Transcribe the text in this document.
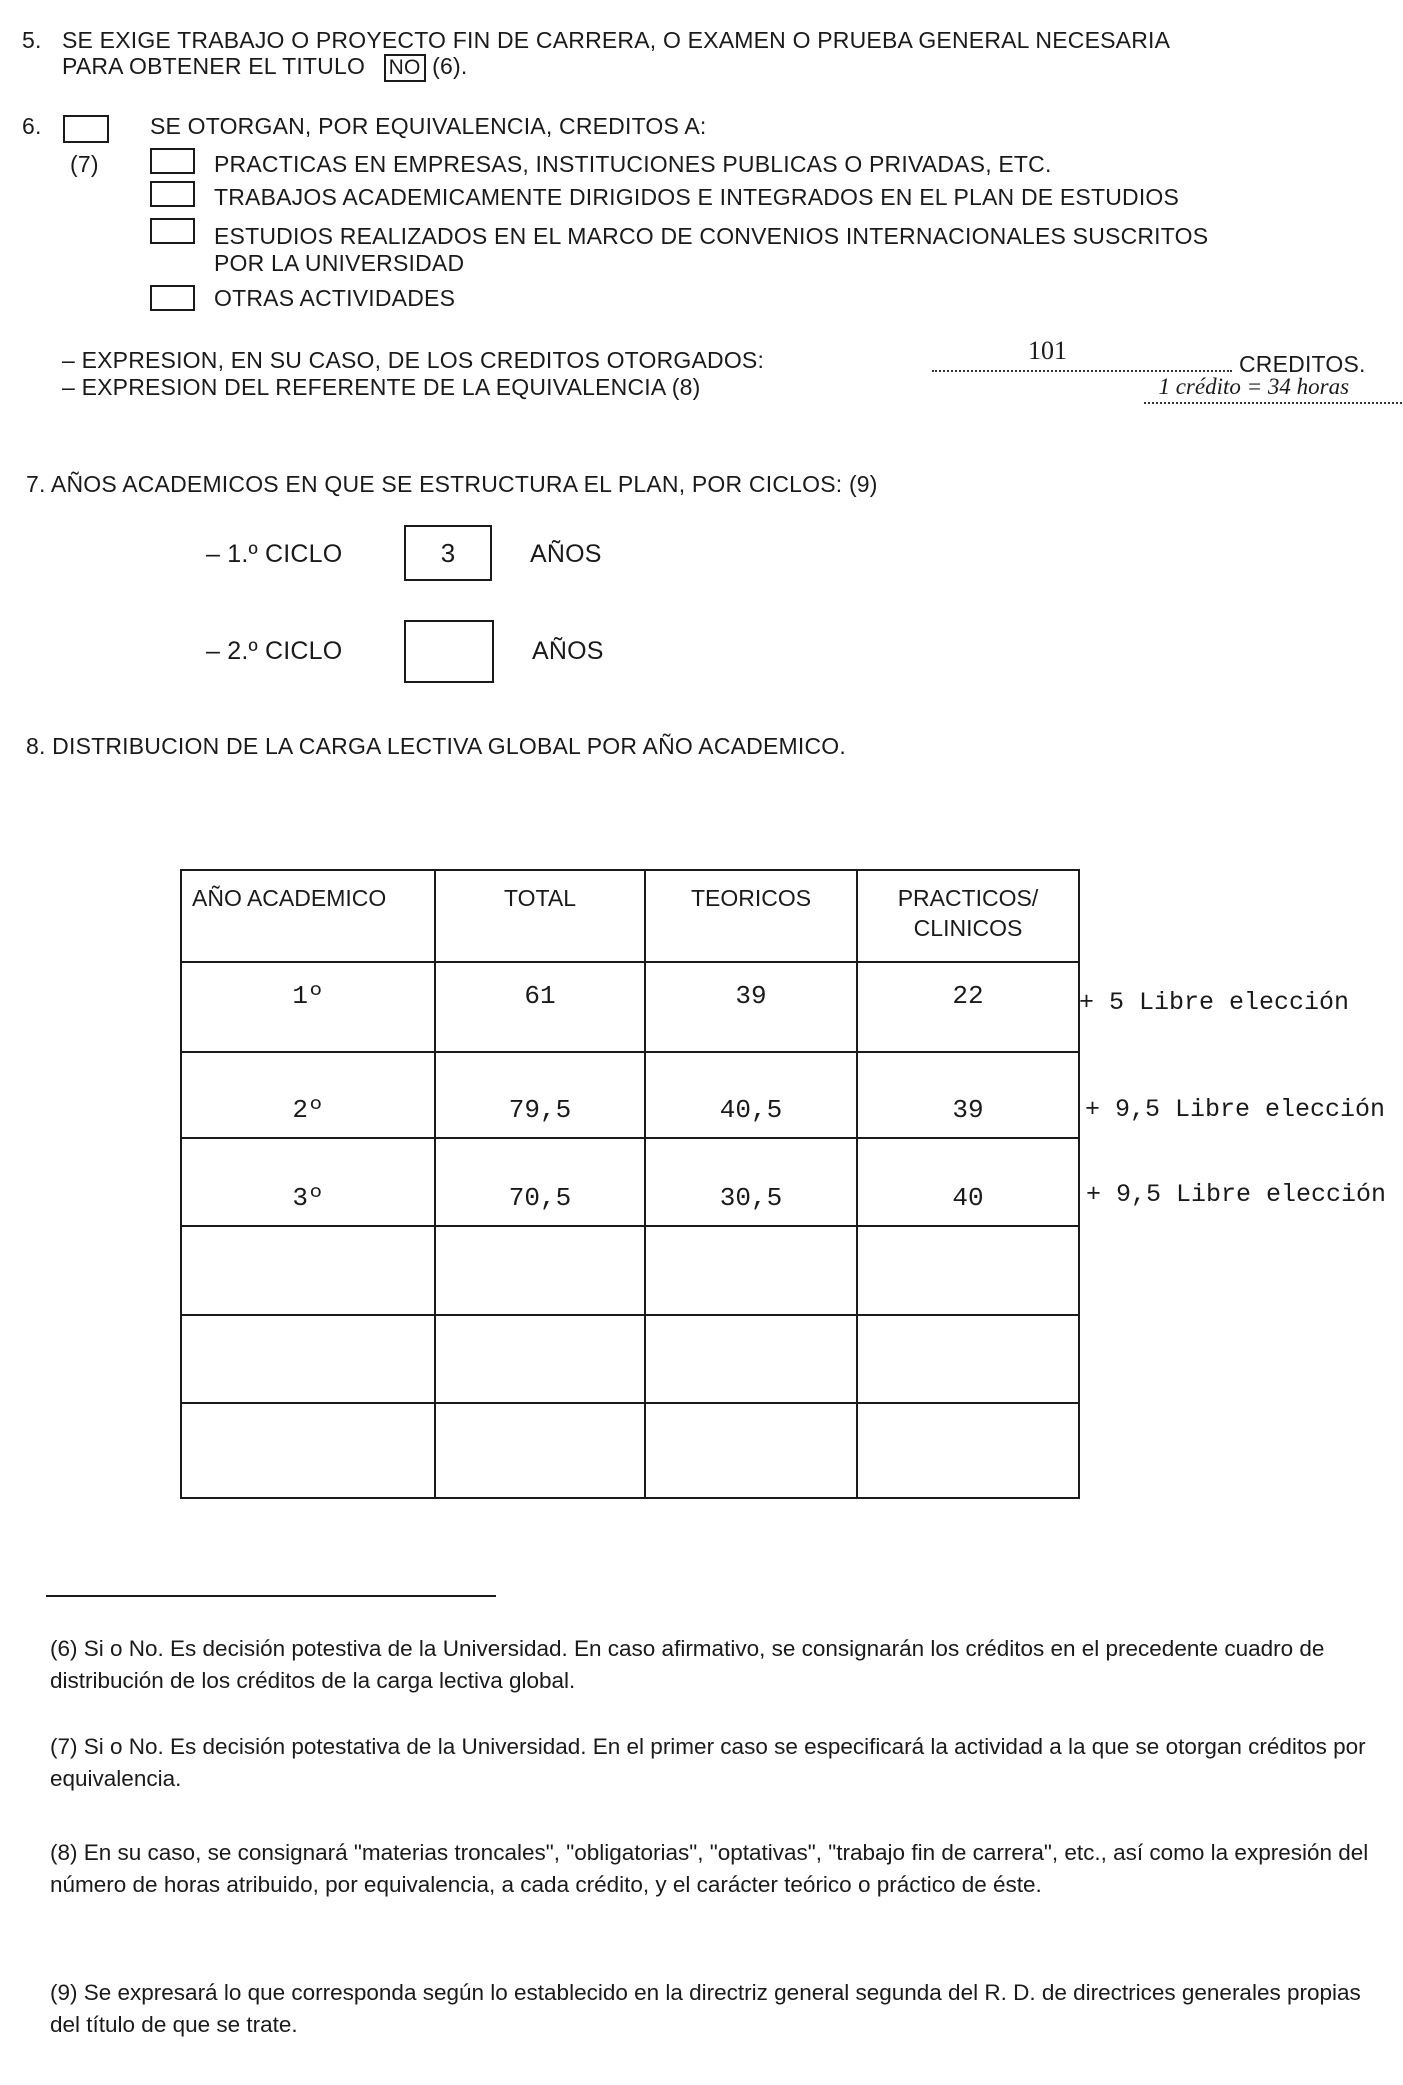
5. SE EXIGE TRABAJO O PROYECTO FIN DE CARRERA, O EXAMEN O PRUEBA GENERAL NECESARIA
PARA OBTENER EL TITULO NO (6).
6.
(7)
SE OTORGAN, POR EQUIVALENCIA, CREDITOS A:
PRACTICAS EN EMPRESAS, INSTITUCIONES PUBLICAS O PRIVADAS, ETC.
TRABAJOS ACADEMICAMENTE DIRIGIDOS E INTEGRADOS EN EL PLAN DE ESTUDIOS
ESTUDIOS REALIZADOS EN EL MARCO DE CONVENIOS INTERNACIONALES SUSCRITOS
POR LA UNIVERSIDAD
OTRAS ACTIVIDADES
– EXPRESION, EN SU CASO, DE LOS CREDITOS OTORGADOS:	101
	CREDITOS.
– EXPRESION DEL REFERENTE DE LA EQUIVALENCIA (8)	1 crédito = 34 horas
7. AÑOS ACADEMICOS EN QUE SE ESTRUCTURA EL PLAN, POR CICLOS: (9)
– 1.º CICLO	3	AÑOS
– 2.º CICLO	AÑOS
8. DISTRIBUCION DE LA CARGA LECTIVA GLOBAL POR AÑO ACADEMICO.
AÑO ACADEMICO	TOTAL	TEORICOS	PRACTICOS/
CLINICOS
1º	61	39	22
2º	79,5	40,5	39
3º	70,5	30,5	40

+ 5 Libre elección
+ 9,5 Libre elección
+ 9,5 Libre elección

(6) Si o No. Es decisión potestiva de la Universidad. En caso afirmativo, se consignarán los créditos en el precedente cuadro de distribución de los créditos de la carga lectiva global.

(7) Si o No. Es decisión potestativa de la Universidad. En el primer caso se especificará la actividad a la que se otorgan créditos por equivalencia.

(8) En su caso, se consignará "materias troncales", "obligatorias", "optativas", "trabajo fin de carrera", etc., así como la expresión del número de horas atribuido, por equivalencia, a cada crédito, y el carácter teórico o práctico de éste.

(9) Se expresará lo que corresponda según lo establecido en la directriz general segunda del R. D. de directrices generales propias del título de que se trate.
